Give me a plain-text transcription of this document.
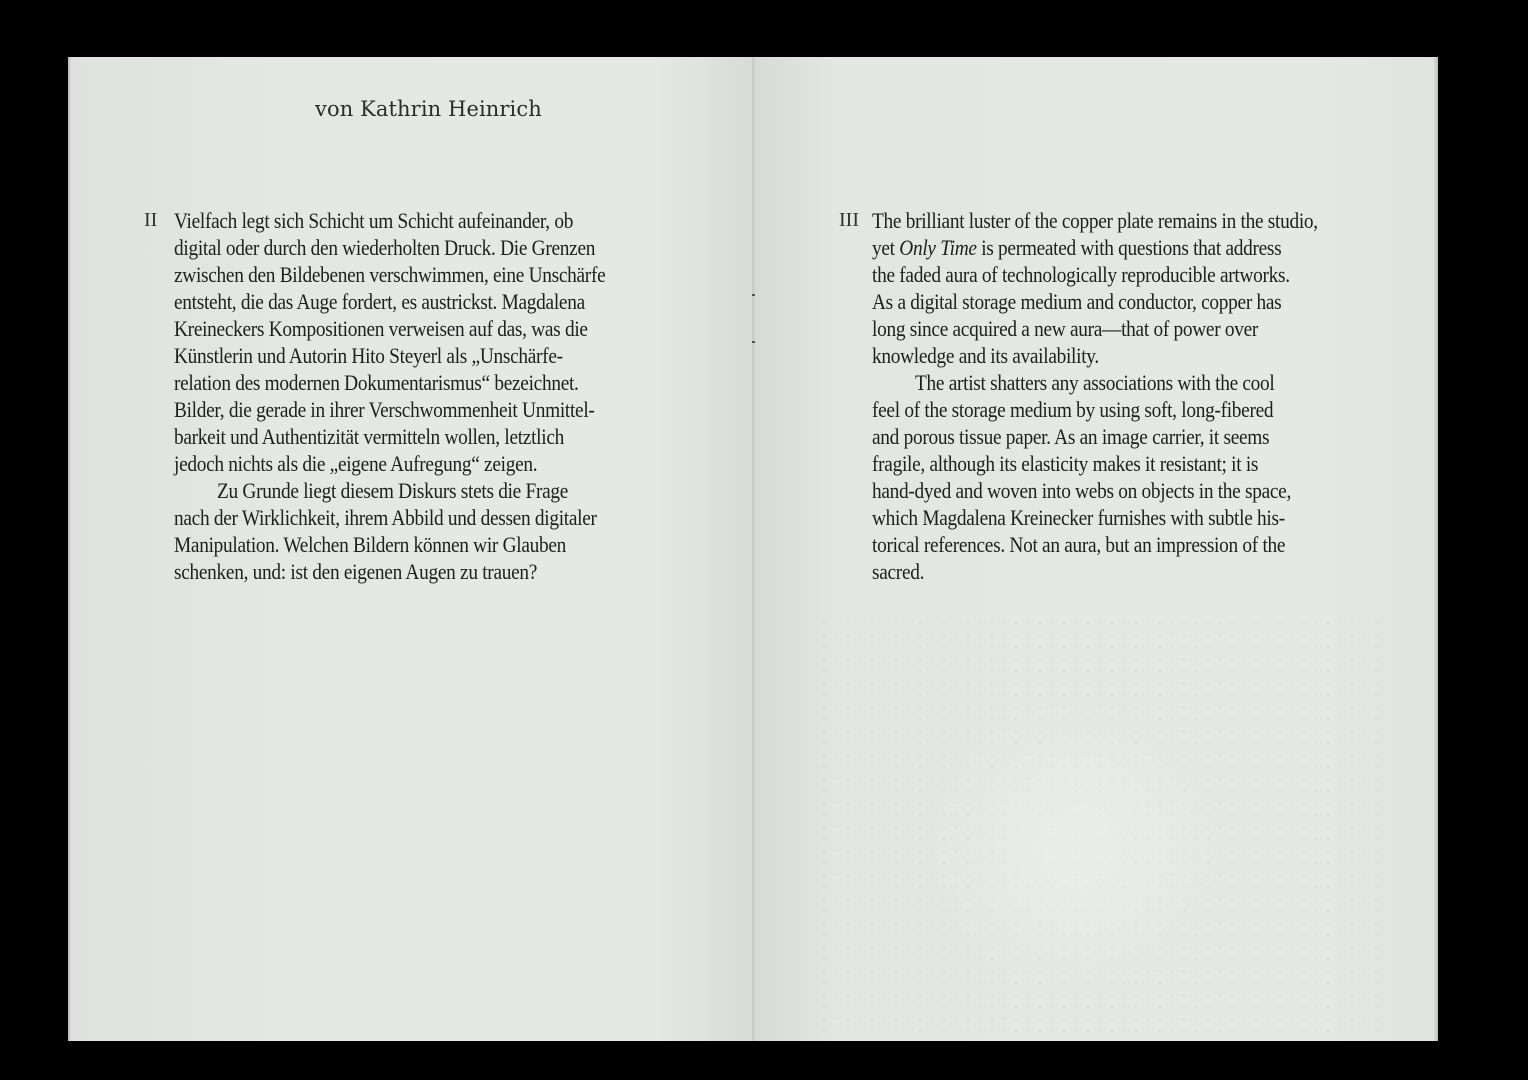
von Kathrin Heinrich
II Vielfach legt sich Schicht um Schicht aufeinander, ob

digital oder durch den wiederholten Druck. Die Grenzen

zwischen den Bildebenen verschwimmen, eine Unschärfe

entsteht, die das Auge fordert, es austrickst. Magdalena

Kreineckers Kompositionen verweisen auf das, was die

Künstlerin und Autorin Hito Steyerl als „Unschärfe-

relation des modernen Dokumentarismus“ bezeichnet.

Bilder, die gerade in ihrer Verschwommenheit Unmittel-

barkeit und Authentizität vermitteln wollen, letztlich

jedoch nichts als die „eigene Aufregung“ zeigen.

Zu Grunde liegt diesem Diskurs stets die Frage

nach der Wirklichkeit, ihrem Abbild und dessen digitaler

Manipulation. Welchen Bildern können wir Glauben

schenken, und: ist den eigenen Augen zu trauen?

III The brilliant luster of the copper plate remains in the studio,

yet Only Time is permeated with questions that address

the faded aura of technologically reproducible artworks.

As a digital storage medium and conductor, copper has

long since acquired a new aura—that of power over

knowledge and its availability.

The artist shatters any associations with the cool

feel of the storage medium by using soft, long-fibered

and porous tissue paper. As an image carrier, it seems

fragile, although its elasticity makes it resistant; it is

hand-dyed and woven into webs on objects in the space,

which Magdalena Kreinecker furnishes with subtle his-

torical references. Not an aura, but an impression of the

sacred.
